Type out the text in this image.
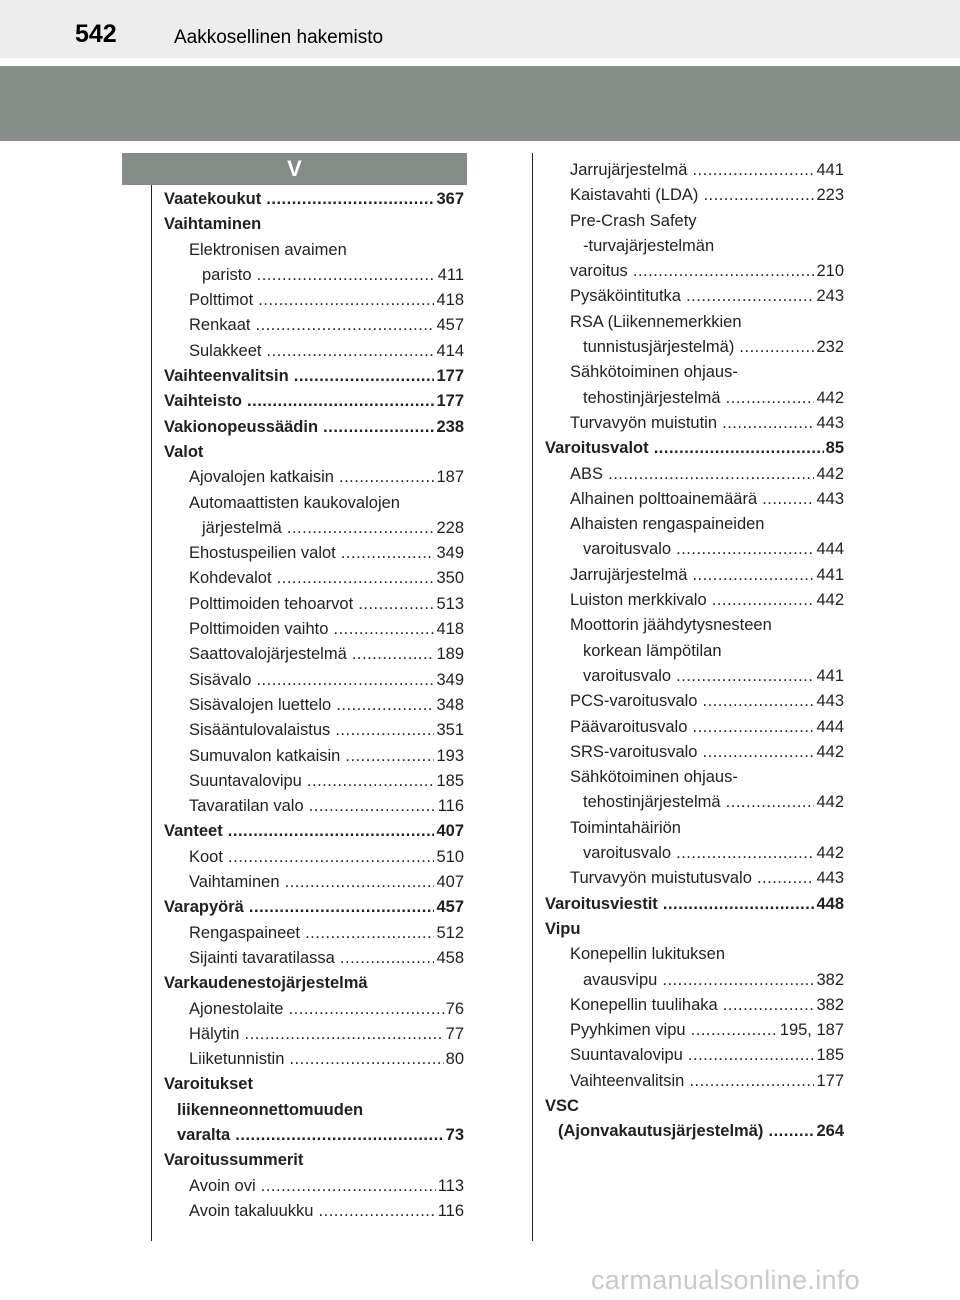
542	Aakkosellinen hakemisto
V
Vaatekoukut	367
.....
Vaihtaminen
Elektronisen avaimen
paristo	411
.....
Polttimot	418
.....
Renkaat	457
.....
Sulakkeet	414
.....
Vaihteenvalitsin	177
.....
Vaihteisto	177
.....
Vakionopeussäädin	238
.....
Valot
Ajovalojen katkaisin	187
.....
Automaattisten kaukovalojen
järjestelmä	228
.....
Ehostuspeilien valot	349
.....
Kohdevalot	350
.....
Polttimoiden tehoarvot	513
.....
Polttimoiden vaihto	418
.....
Saattovalojärjestelmä	189
.....
Sisävalo	349
.....
Sisävalojen luettelo	348
.....
Sisääntulovalaistus	351
.....
Sumuvalon katkaisin	193
.....
Suuntavalovipu	185
.....
Tavaratilan valo	116
.....
Vanteet	407
.....
Koot	510
.....
Vaihtaminen	407
.....
Varapyörä	457
.....
Rengaspaineet	512
.....
Sijainti tavaratilassa	458
.....
Varkaudenestojärjestelmä
Ajonestolaite	76
.....
Hälytin	77
.....
Liiketunnistin	80
.....
Varoitukset
liikenneonnettomuuden
varalta	73
.....
Varoitussummerit
Avoin ovi	113
.....
Avoin takaluukku	116
.....
Jarrujärjestelmä	441
.....
Kaistavahti (LDA)	223
.....
Pre-Crash Safety
-turvajärjestelmän
varoitus	210
.....
Pysäköintitutka	243
.....
RSA (Liikennemerkkien
tunnistusjärjestelmä)	232
.....
Sähkötoiminen ohjaus-
tehostinjärjestelmä	442
.....
Turvavyön muistutin	443
.....
Varoitusvalot	85
.....
ABS	442
.....
Alhainen polttoainemäärä	443
.....
Alhaisten rengaspaineiden
varoitusvalo	444
.....
Jarrujärjestelmä	441
.....
Luiston merkkivalo	442
.....
Moottorin jäähdytysnesteen
korkean lämpötilan
varoitusvalo	441
.....
PCS-varoitusvalo	443
.....
Päävaroitusvalo	444
.....
SRS-varoitusvalo	442
.....
Sähkötoiminen ohjaus-
tehostinjärjestelmä	442
.....
Toimintahäiriön
varoitusvalo	442
.....
Turvavyön muistutusvalo	443
.....
Varoitusviestit	448
.....
Vipu
Konepellin lukituksen
avausvipu	382
.....
Konepellin tuulihaka	382
.....
Pyyhkimen vipu	195, 187
.....
Suuntavalovipu	185
.....
Vaihteenvalitsin	177
.....
VSC
(Ajonvakautusjärjestelmä)	264
.....
carmanualsonline.info
